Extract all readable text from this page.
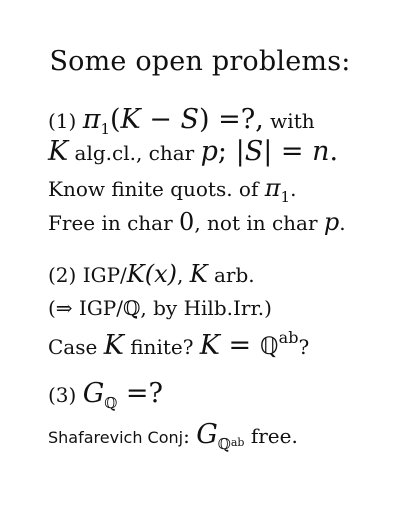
Some open problems:
(1) $\pi_1(K - S)$ =?, with
K alg.cl., char p; |S| = n.
Know finite quots. of $\pi_1$.
Free in char 0, not in char p.
(2) IGP/K(x), K arb.
(⇒ IGP/ℚ, by Hilb.Irr.)
Case K finite? K = ℚ$^{ab}$?
(3) $G_ℚ$ =?
Shafarevich Conj: $G_ℚab$ free.
